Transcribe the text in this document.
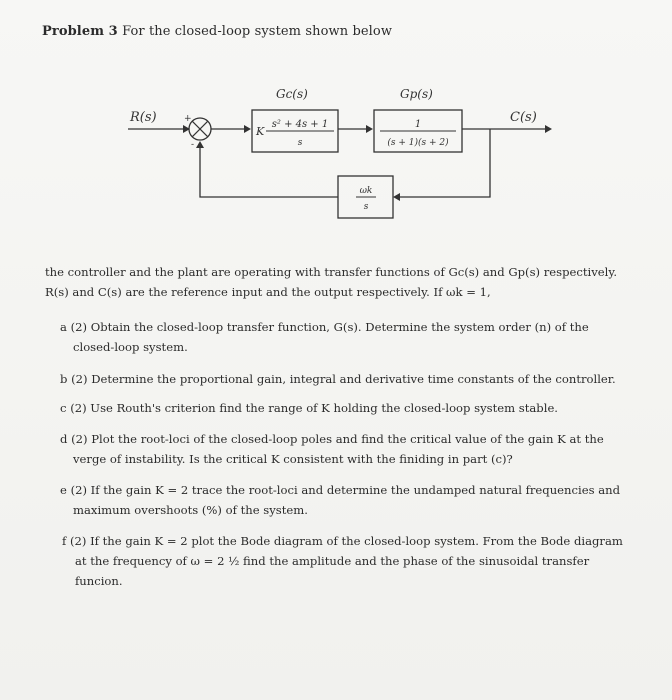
Problem 3 For the closed-loop system shown below
R(s)	+
-
Gc(s)
K
s² + 4s + 1
s
Gp(s)
1
(s + 1)(s + 2)
C(s)
ωk
s
the controller and the plant are operating with transfer functions of Gc(s) and Gp(s) respectively.
R(s) and C(s) are the reference input and the output respectively. If ωk = 1,
a (2) Obtain the closed-loop transfer function, G(s). Determine the system order (n) of the
closed-loop system.
b (2) Determine the proportional gain, integral and derivative time constants of the controller.
c (2) Use Routh's criterion find the range of K holding the closed-loop system stable.
d (2) Plot the root-loci of the closed-loop poles and find the critical value of the gain K at the
verge of instability. Is the critical K consistent with the finiding in part (c)?
e (2) If the gain K = 2 trace the root-loci and determine the undamped natural frequencies and
maximum overshoots (%) of the system.
f (2) If the gain K = 2 plot the Bode diagram of the closed-loop system. From the Bode diagram
at the frequency of ω = 2 ½ find the amplitude and the phase of the sinusoidal transfer funcion.
